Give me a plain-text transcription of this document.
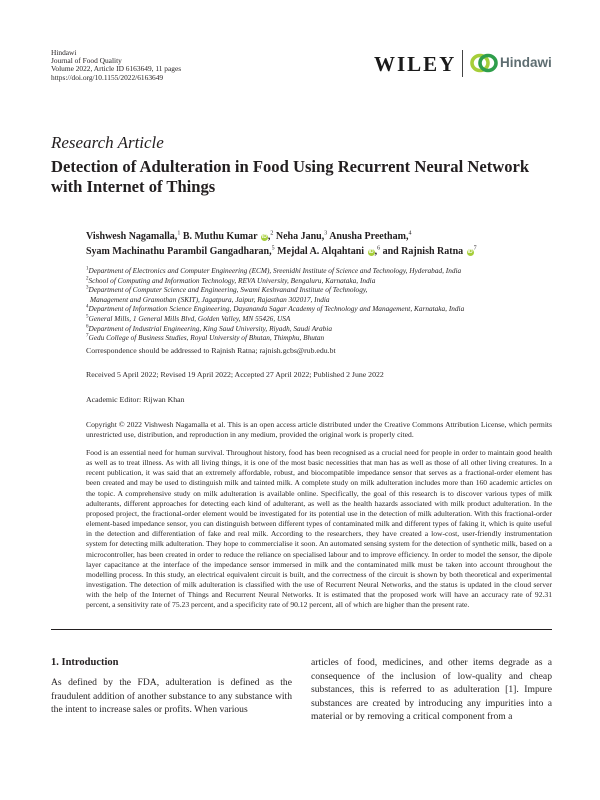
Hindawi
Journal of Food Quality
Volume 2022, Article ID 6163649, 11 pages
https://doi.org/10.1155/2022/6163649
WILEY	Hindawi
Research Article
Detection of Adulteration in Food Using Recurrent Neural Network with Internet of Things
Vishwesh Nagamalla,$^1$ B. Muthu Kumar iD,$^2$ Neha Janu,$^3$ Anusha Preetham,$^4$
Syam Machinathu Parambil Gangadharan,$^5$ Mejdal A. Alqahtani iD,$^6$ and Rajnish Ratna $iD^7$
$^1$Department of Electronics and Computer Engineering (ECM), Sreenidhi Institute of Science and Technology, Hyderabad, India
$^2$School of Computing and Information Technology, REVA University, Bengaluru, Karnataka, India
$^3$Department of Computer Science and Engineering, Swami Keshvanand Institute of Technology,
Management and Gramothan (SKIT), Jagatpura, Jaipur, Rajasthan 302017, India
$^4$Department of Information Science Engineering, Dayananda Sagar Academy of Technology and Management, Karnataka, India
$^5$General Mills, 1 General Mills Blvd, Golden Valley, MN 55426, USA
$^6$Department of Industrial Engineering, King Saud University, Riyadh, Saudi Arabia
$^7$Gedu College of Business Studies, Royal University of Bhutan, Thimphu, Bhutan
Correspondence should be addressed to Rajnish Ratna; rajnish.gcbs@rub.edu.bt
Received 5 April 2022; Revised 19 April 2022; Accepted 27 April 2022; Published 2 June 2022
Academic Editor: Rijwan Khan
Copyright © 2022 Vishwesh Nagamalla et al. This is an open access article distributed under the Creative Commons Attribution License, which permits unrestricted use, distribution, and reproduction in any medium, provided the original work is properly cited.
Food is an essential need for human survival. Throughout history, food has been recognised as a crucial need for people in order to maintain good health as well as to treat illness. As with all living things, it is one of the most basic necessities that man has as well as those of all other living creatures. In a recent publication, it was said that an extremely affordable, robust, and biocompatible impedance sensor that serves as a fractional-order element has been created and may be used to distinguish milk and tainted milk. A complete study on milk adulteration includes more than 160 academic articles on the topic. A comprehensive study on milk adulteration is available online. Specifically, the goal of this research is to discover various types of milk adulterants, different approaches for detecting each kind of adulterant, as well as the health hazards associated with milk product adulteration. In the proposed project, the fractional-order element would be investigated for its potential use in the detection of milk adulteration. With this fractional-order element-based impedance sensor, you can distinguish between different types of contaminated milk and different types of faking it, which is quite useful in the detection and differentiation of fake and real milk. According to the researchers, they have created a low-cost, user-friendly instrumentation system for detecting milk adulteration. They hope to commercialise it soon. An automated sensing system for the detection of synthetic milk, based on a microcontroller, has been created in order to reduce the reliance on specialised labour and to improve efficiency. In order to model the sensor, the dipole layer capacitance at the interface of the impedance sensor immersed in milk and the contaminated milk must be taken into account throughout the modelling process. In this study, an electrical equivalent circuit is built, and the correctness of the circuit is shown by both theoretical and experimental investigation. The detection of milk adulteration is classified with the use of Recurrent Neural Networks, and the status is updated in the cloud server with the help of the Internet of Things and Recurrent Neural Networks. It is estimated that the proposed work will have an accuracy rate of 92.31 percent, a sensitivity rate of 75.23 percent, and a specificity rate of 90.12 percent, all of which are higher than the present rate.
1. Introduction

As defined by the FDA, adulteration is defined as the fraudulent addition of another substance to any substance with the intent to increase sales or profits. When various

articles of food, medicines, and other items degrade as a consequence of the inclusion of low-quality and cheap substances, this is referred to as adulteration [1]. Impure substances are created by introducing any impurities into a material or by removing a critical component from a
